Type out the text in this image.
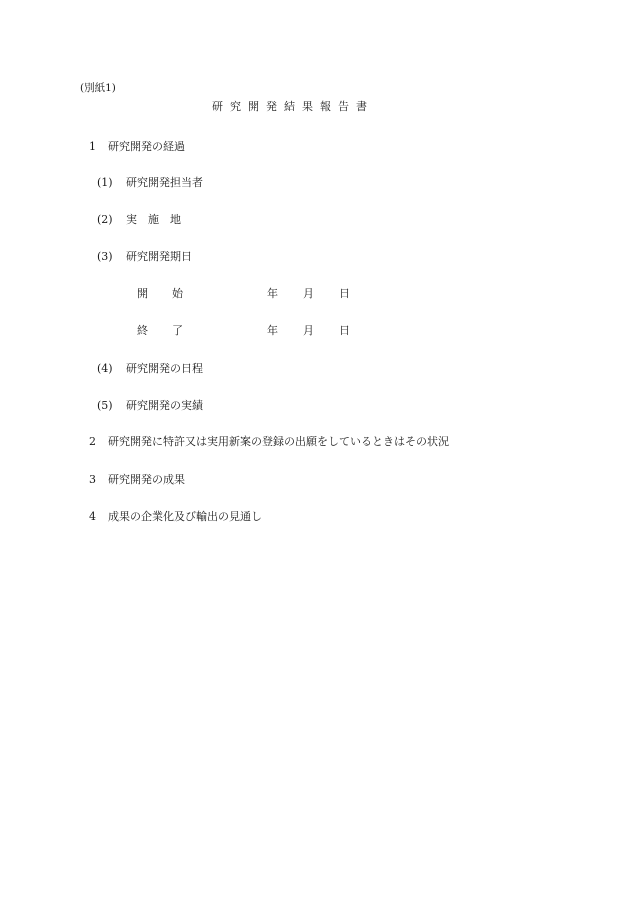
(別紙1)
研究開発結果報告書
1 研究開発の経過
(1) 研究開発担当者
(2) 実施地
(3) 研究開発期日
開始	年 月 日
終了	年 月 日
(4) 研究開発の日程
(5) 研究開発の実績
2 研究開発に特許又は実用新案の登録の出願をしているときはその状況
3 研究開発の成果
4 成果の企業化及び輸出の見通し
